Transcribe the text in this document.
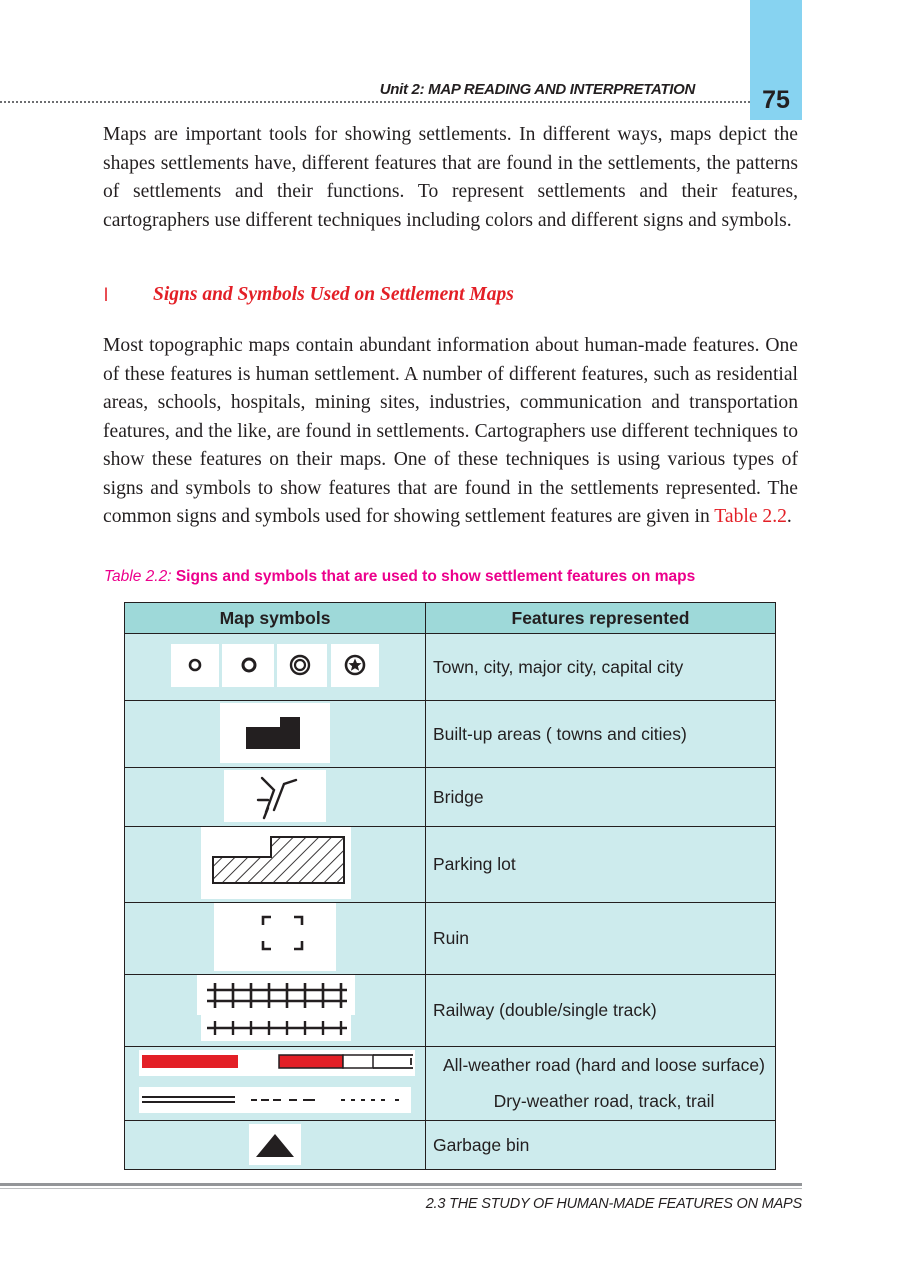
75
Unit 2: MAP READING AND INTERPRETATION

Maps are important tools for showing settlements. In different ways, maps depict the shapes settlements have, different features that are found in the settlements, the patterns of settlements and their functions. To represent settlements and their features, cartographers use different techniques including colors and different signs and symbols.

l Signs and Symbols Used on Settlement Maps

Most topographic maps contain abundant information about human-made features. One of these features is human settlement. A number of different features, such as residential areas, schools, hospitals, mining sites, industries, communication and transportation features, and the like, are found in settlements. Cartographers use different techniques to show these features on their maps. One of these techniques is using various types of signs and symbols to show features that are found in the settlements represented. The common signs and symbols used for showing settlement features are given in Table 2.2.

Table 2.2: Signs and symbols that are used to show settlement features on maps
Map symbols	Features represented
Town, city, major city, capital city
Built-up areas ( towns and cities)
Bridge
Parking lot
Ruin
Railway (double/single track)
All-weather road (hard and loose surface)
Dry-weather road, track, trail
Garbage bin
2.3 THE STUDY OF HUMAN-MADE FEATURES ON MAPS
